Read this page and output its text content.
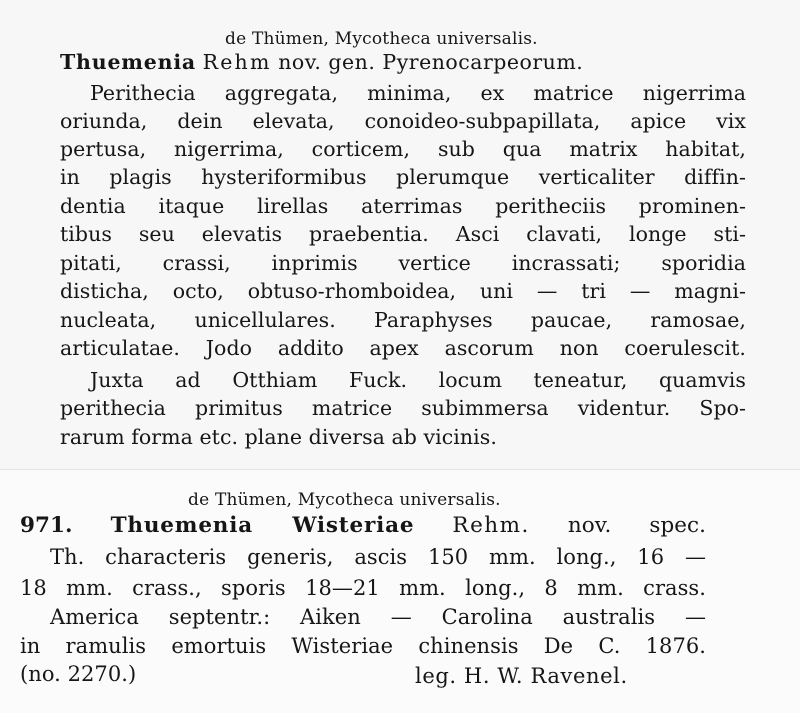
de Thümen, Mycotheca universalis.
Thuemenia Rehm nov. gen. Pyrenocarpeorum.
Perithecia aggregata, minima, ex matrice nigerrima
oriunda, dein elevata, conoideo-subpapillata, apice vix
pertusa, nigerrima, corticem, sub qua matrix habitat,
in plagis hysteriformibus plerumque verticaliter diffin-
dentia itaque lirellas aterrimas peritheciis prominen-
tibus seu elevatis praebentia. Asci clavati, longe sti-
pitati, crassi, inprimis vertice incrassati; sporidia
disticha, octo, obtuso-rhomboidea, uni — tri — magni-
nucleata, unicellulares. Paraphyses paucae, ramosae,
articulatae. Jodo addito apex ascorum non coerulescit.
Juxta ad Otthiam Fuck. locum teneatur, quamvis
perithecia primitus matrice subimmersa videntur. Spo-
rarum forma etc. plane diversa ab vicinis.
de Thümen, Mycotheca universalis.
971. Thuemenia Wisteriae Rehm. nov. spec.
Th. characteris generis, ascis 150 mm. long., 16 —
18 mm. crass., sporis 18—21 mm. long., 8 mm. crass.
America septentr.: Aiken — Carolina australis —
in ramulis emortuis Wisteriae chinensis De C. 1876.
(no. 2270.)	leg. H. W. Ravenel.
